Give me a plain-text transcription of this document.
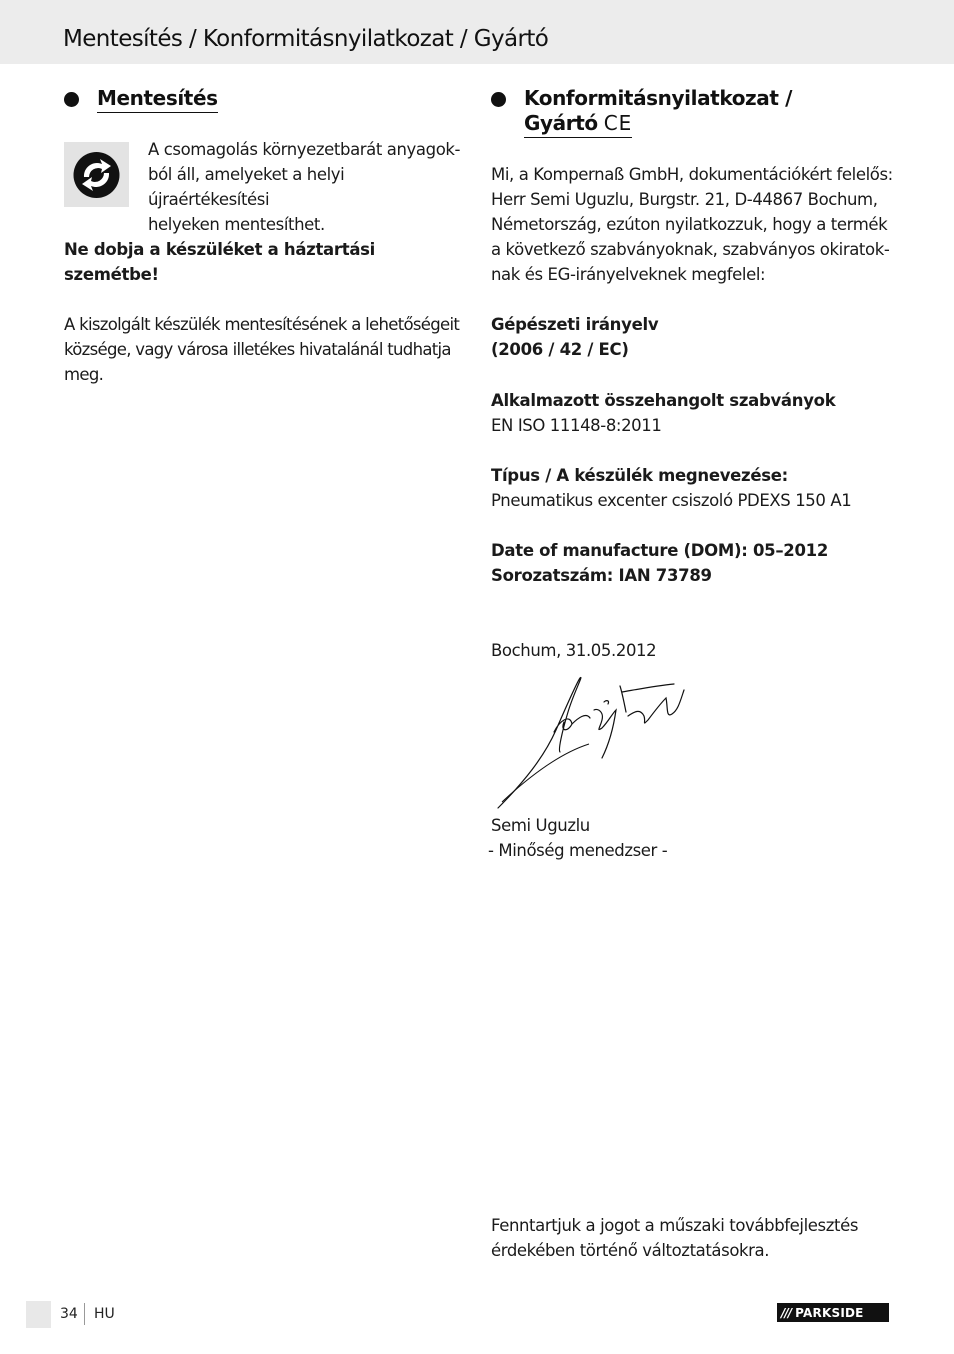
Mentesítés / Konformitásnyilatkozat / Gyártó
Mentesítés
A csomagolás környezetbarát anyagok-
ból áll, amelyeket a helyi újraértékesítési
helyeken mentesíthet.
Ne dobja a készüléket a háztartási
szemétbe!
A kiszolgált készülék mentesítésének a lehetőségeit
községe, vagy városa illetékes hivatalánál tudhatja meg.
Konformitásnyilatkozat /
Gyártó CE
Mi, a Kompernaß GmbH, dokumentációkért felelős:
Herr Semi Uguzlu, Burgstr. 21, D-44867 Bochum,
Németország, ezúton nyilatkozzuk, hogy a termék
a következő szabványoknak, szabványos okiratok-
nak és EG-irányelveknek megfelel:
Gépészeti irányelv
(2006 / 42 / EC)
Alkalmazott összehangolt szabványok
EN ISO 11148-8:2011
Típus / A készülék megnevezése:
Pneumatikus excenter csiszoló PDEXS 150 A1
Date of manufacture (DOM): 05–2012
Sorozatszám: IAN 73789
Bochum, 31.05.2012
Semi Uguzlu
- Minőség menedzser -
Fenntartjuk a jogot a műszaki továbbfejlesztés
érdekében történő változtatásokra.
34 HU	/// PARKSIDE
